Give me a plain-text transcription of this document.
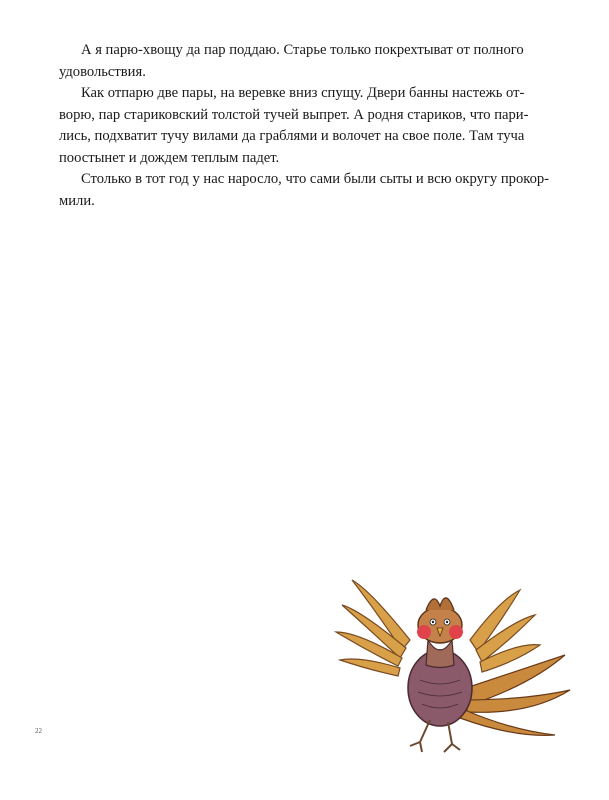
А я парю-хвощу да пар поддаю. Старье только покрехтыват от полного
удовольствия.

Как отпарю две пары, на веревке вниз спущу. Двери банны настежь от-
ворю, пар стариковский толстой тучей выпрет. А родня стариков, что пари-
лись, подхватит тучу вилами да граблями и волочет на свое поле. Там туча
поостынет и дождем теплым падет.

Столько в тот год у нас наросло, что сами были сыты и всю округу прокор-
мили.

22
